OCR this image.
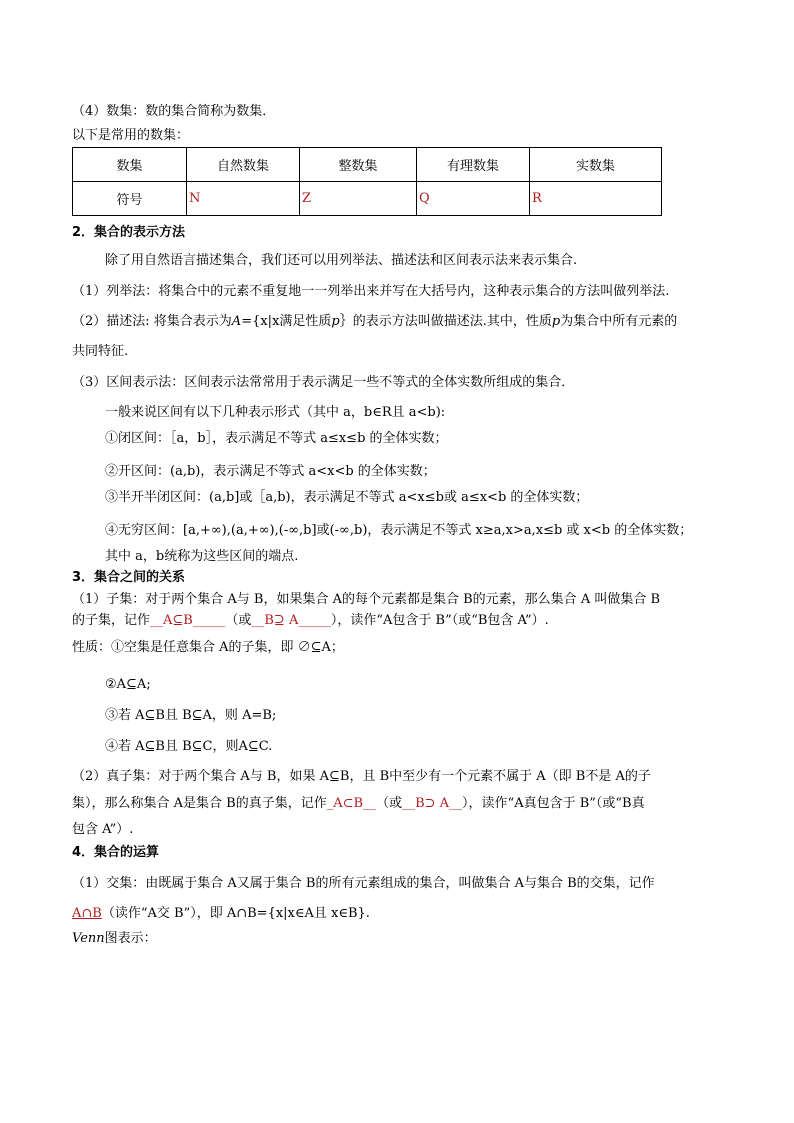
（4）数集：数的集合简称为数集．
以下是常用的数集：
数集	自然数集	整数集	有理数集	实数集
符号	N	Z	Q	R
2．集合的表示方法
除了用自然语言描述集合，我们还可以用列举法、描述法和区间表示法来表示集合.
（1）列举法：将集合中的元素不重复地一一列举出来并写在大括号内，这种表示集合的方法叫做列举法.
（2）描述法: 将集合表示为A={x|x满足性质p｝的表示方法叫做描述法.其中，性质p为集合中所有元素的
共同特征.
（3）区间表示法：区间表示法常常用于表示满足一些不等式的全体实数所组成的集合．
一般来说区间有以下几种表示形式（其中 a，b∈R且 a<b):
①闭区间：［a，b］，表示满足不等式 a≤x≤b 的全体实数；
②开区间：(a,b)，表示满足不等式 a<x<b 的全体实数；
③半开半闭区间：(a,b]或［a,b)，表示满足不等式 a<x≤b或 a≤x<b 的全体实数；
④无穷区间：[a,+∞),(a,+∞),(-∞,b]或(-∞,b)，表示满足不等式 x≥a,x>a,x≤b 或 x<b 的全体实数；
其中 a，b统称为这些区间的端点.
3．集合之间的关系
（1）子集：对于两个集合 A与 B，如果集合 A的每个元素都是集合 B的元素，那么集合 A 叫做集合 B
的子集，记作__A⊆B_____（或__B⊇ A_____），读作“A包含于 B”（或“B包含 A”）.
性质：①空集是任意集合 A的子集，即 ∅⊆A；
②A⊆A;
③若 A⊆B且 B⊆A，则 A=B;
④若 A⊆B且 B⊆C，则A⊆C.
（2）真子集：对于两个集合 A与 B，如果 A⊆B，且 B中至少有一个元素不属于 A（即 B不是 A的子
集），那么称集合 A是集合 B的真子集，记作_A⊂B__（或__B⊃ A__），读作“A真包含于 B”（或“B真
包含 A”）.
4．集合的运算
（1）交集：由既属于集合 A又属于集合 B的所有元素组成的集合，叫做集合 A与集合 B的交集，记作
A∩B（读作“A交 B”），即 A∩B={x|x∈A且 x∈B}.
Venn图表示：
